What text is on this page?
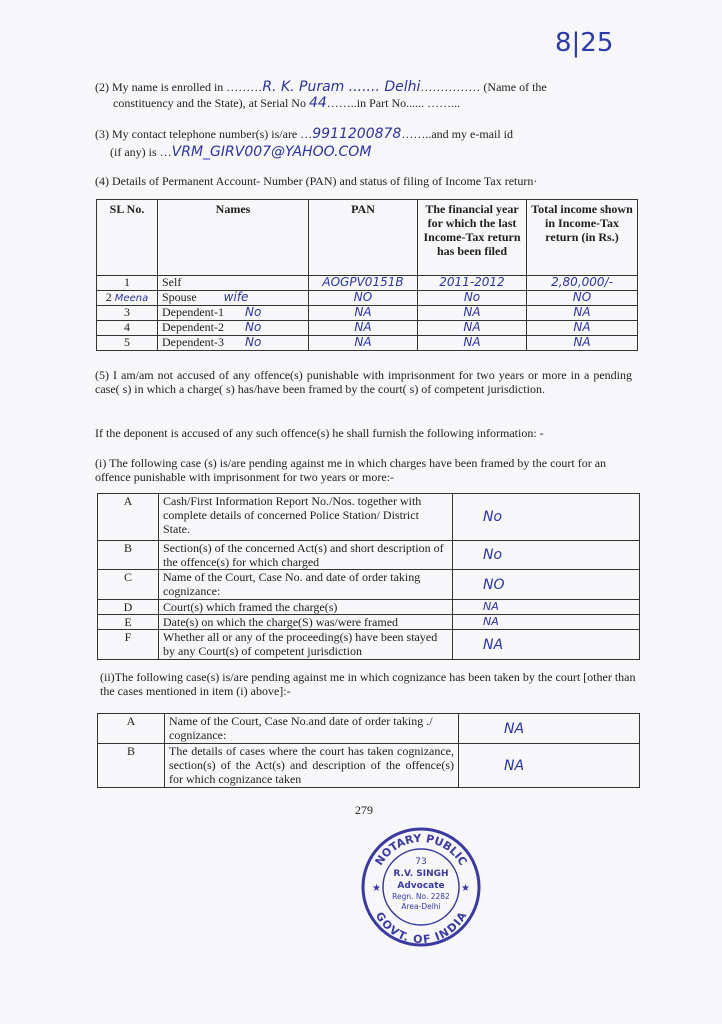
8|25
(2) My name is enrolled in ………R. K. Puram ....... Delhi…………… (Name of the
constituency and the State), at Serial No 44……..in Part No...... ……...
(3) My contact telephone number(s) is/are …9911200878……..and my e-mail id
(if any) is …VRM_GIRV007@YAHOO.COM
(4) Details of Permanent Account- Number (PAN) and status of filing of Income Tax return·
SL No.	Names	PAN	The financial year for which the last Income-Tax return has been filed	Total income shown in Income-Tax return (in Rs.)
1	Self	AOGPV0151B	2011-2012	2,80,000/-
2 Meena	Spouse wife	NO	No	NO
3	Dependent-1 No	NA	NA	NA
4	Dependent-2 No	NA	NA	NA
5	Dependent-3 No	NA	NA	NA
(5) I am/am not accused of any offence(s) punishable with imprisonment for two years or more in a pending case( s) in which a charge( s) has/have been framed by the court( s) of competent jurisdiction.
If the deponent is accused of any such offence(s) he shall furnish the following information: -
(i) The following case (s) is/are pending against me in which charges have been framed by the court for an offence punishable with imprisonment for two years or more:-
A	Cash/First Information Report No./Nos. together with complete details of concerned Police Station/ District State.	No
B	Section(s) of the concerned Act(s) and short description of the offence(s) for which charged	No
C	Name of the Court, Case No. and date of order taking cognizance:	NO
D	Court(s) which framed the charge(s)	NA
E	Date(s) on which the charge(S) was/were framed	NA
F	Whether all or any of the proceeding(s) have been stayed by any Court(s) of competent jurisdiction	NA
(ii)The following case(s) is/are pending against me in which cognizance has been taken by the court [other than the cases mentioned in item (i) above]:-
A	Name of the Court, Case No.and date of order taking ./ cognizance:	NA
B	The details of cases where the court has taken cognizance, section(s) of the Act(s) and description of the offence(s) for which cognizance taken	NA
279
NOTARY PUBLIC
GOVT. OF INDIA
★	★
73
R.V. SINGH
Advocate
Regn. No. 2282
Area-Delhi
